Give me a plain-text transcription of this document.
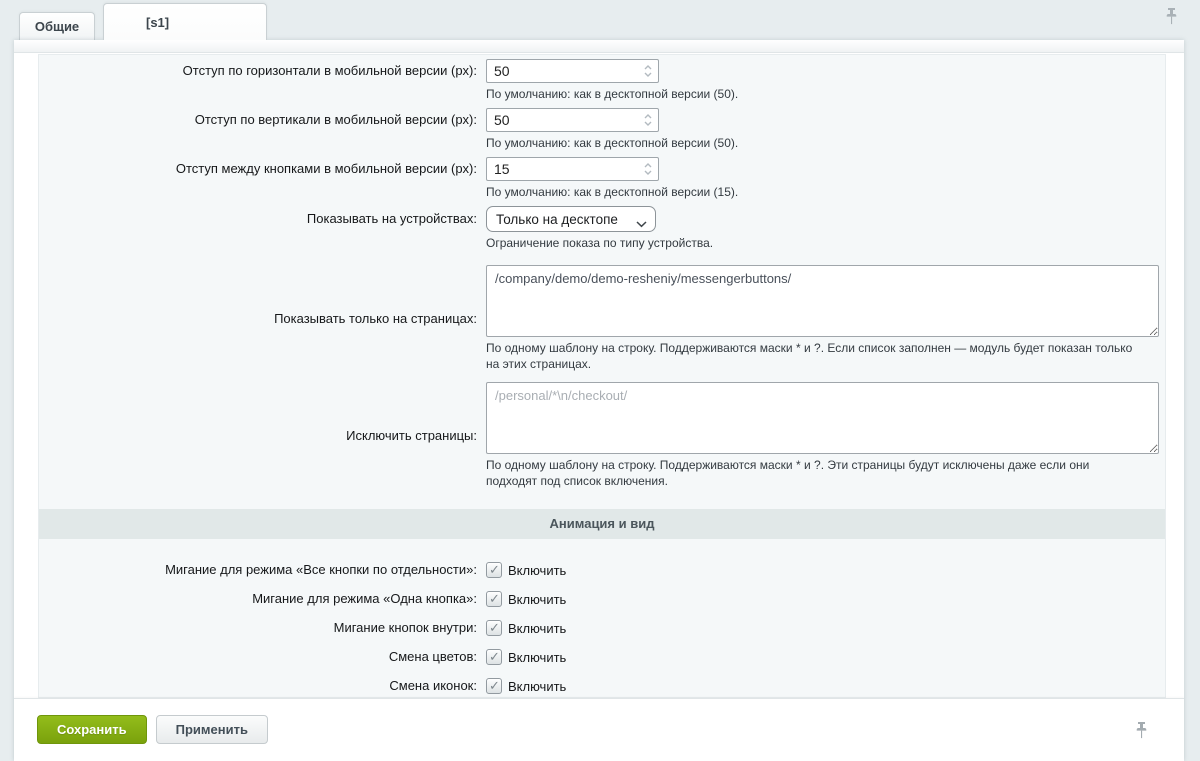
Общие	[s1]
Отступ по горизонтали в мобильной версии (px):
50
По умолчанию: как в десктопной версии (50).
Отступ по вертикали в мобильной версии (px):
50
По умолчанию: как в десктопной версии (50).
Отступ между кнопками в мобильной версии (px):
15
По умолчанию: как в десктопной версии (15).
Показывать на устройствах:
Только на десктопе
Ограничение показа по типу устройства.
Показывать только на страницах:
/company/demo/demo-resheniy/messengerbuttons/
По одному шаблону на строку. Поддерживаются маски * и ?. Если список заполнен — модуль будет показан только на этих страницах.
Исключить страницы:
/personal/*\n/checkout/
По одному шаблону на строку. Поддерживаются маски * и ?. Эти страницы будут исключены даже если они подходят под список включения.
Анимация и вид
Мигание для режима «Все кнопки по отдельности»: ✓	Включить
Мигание для режима «Одна кнопка»: ✓	Включить
Мигание кнопок внутри: ✓	Включить
Смена цветов: ✓	Включить
Смена иконок: ✓	Включить
Сохранить	Применить
